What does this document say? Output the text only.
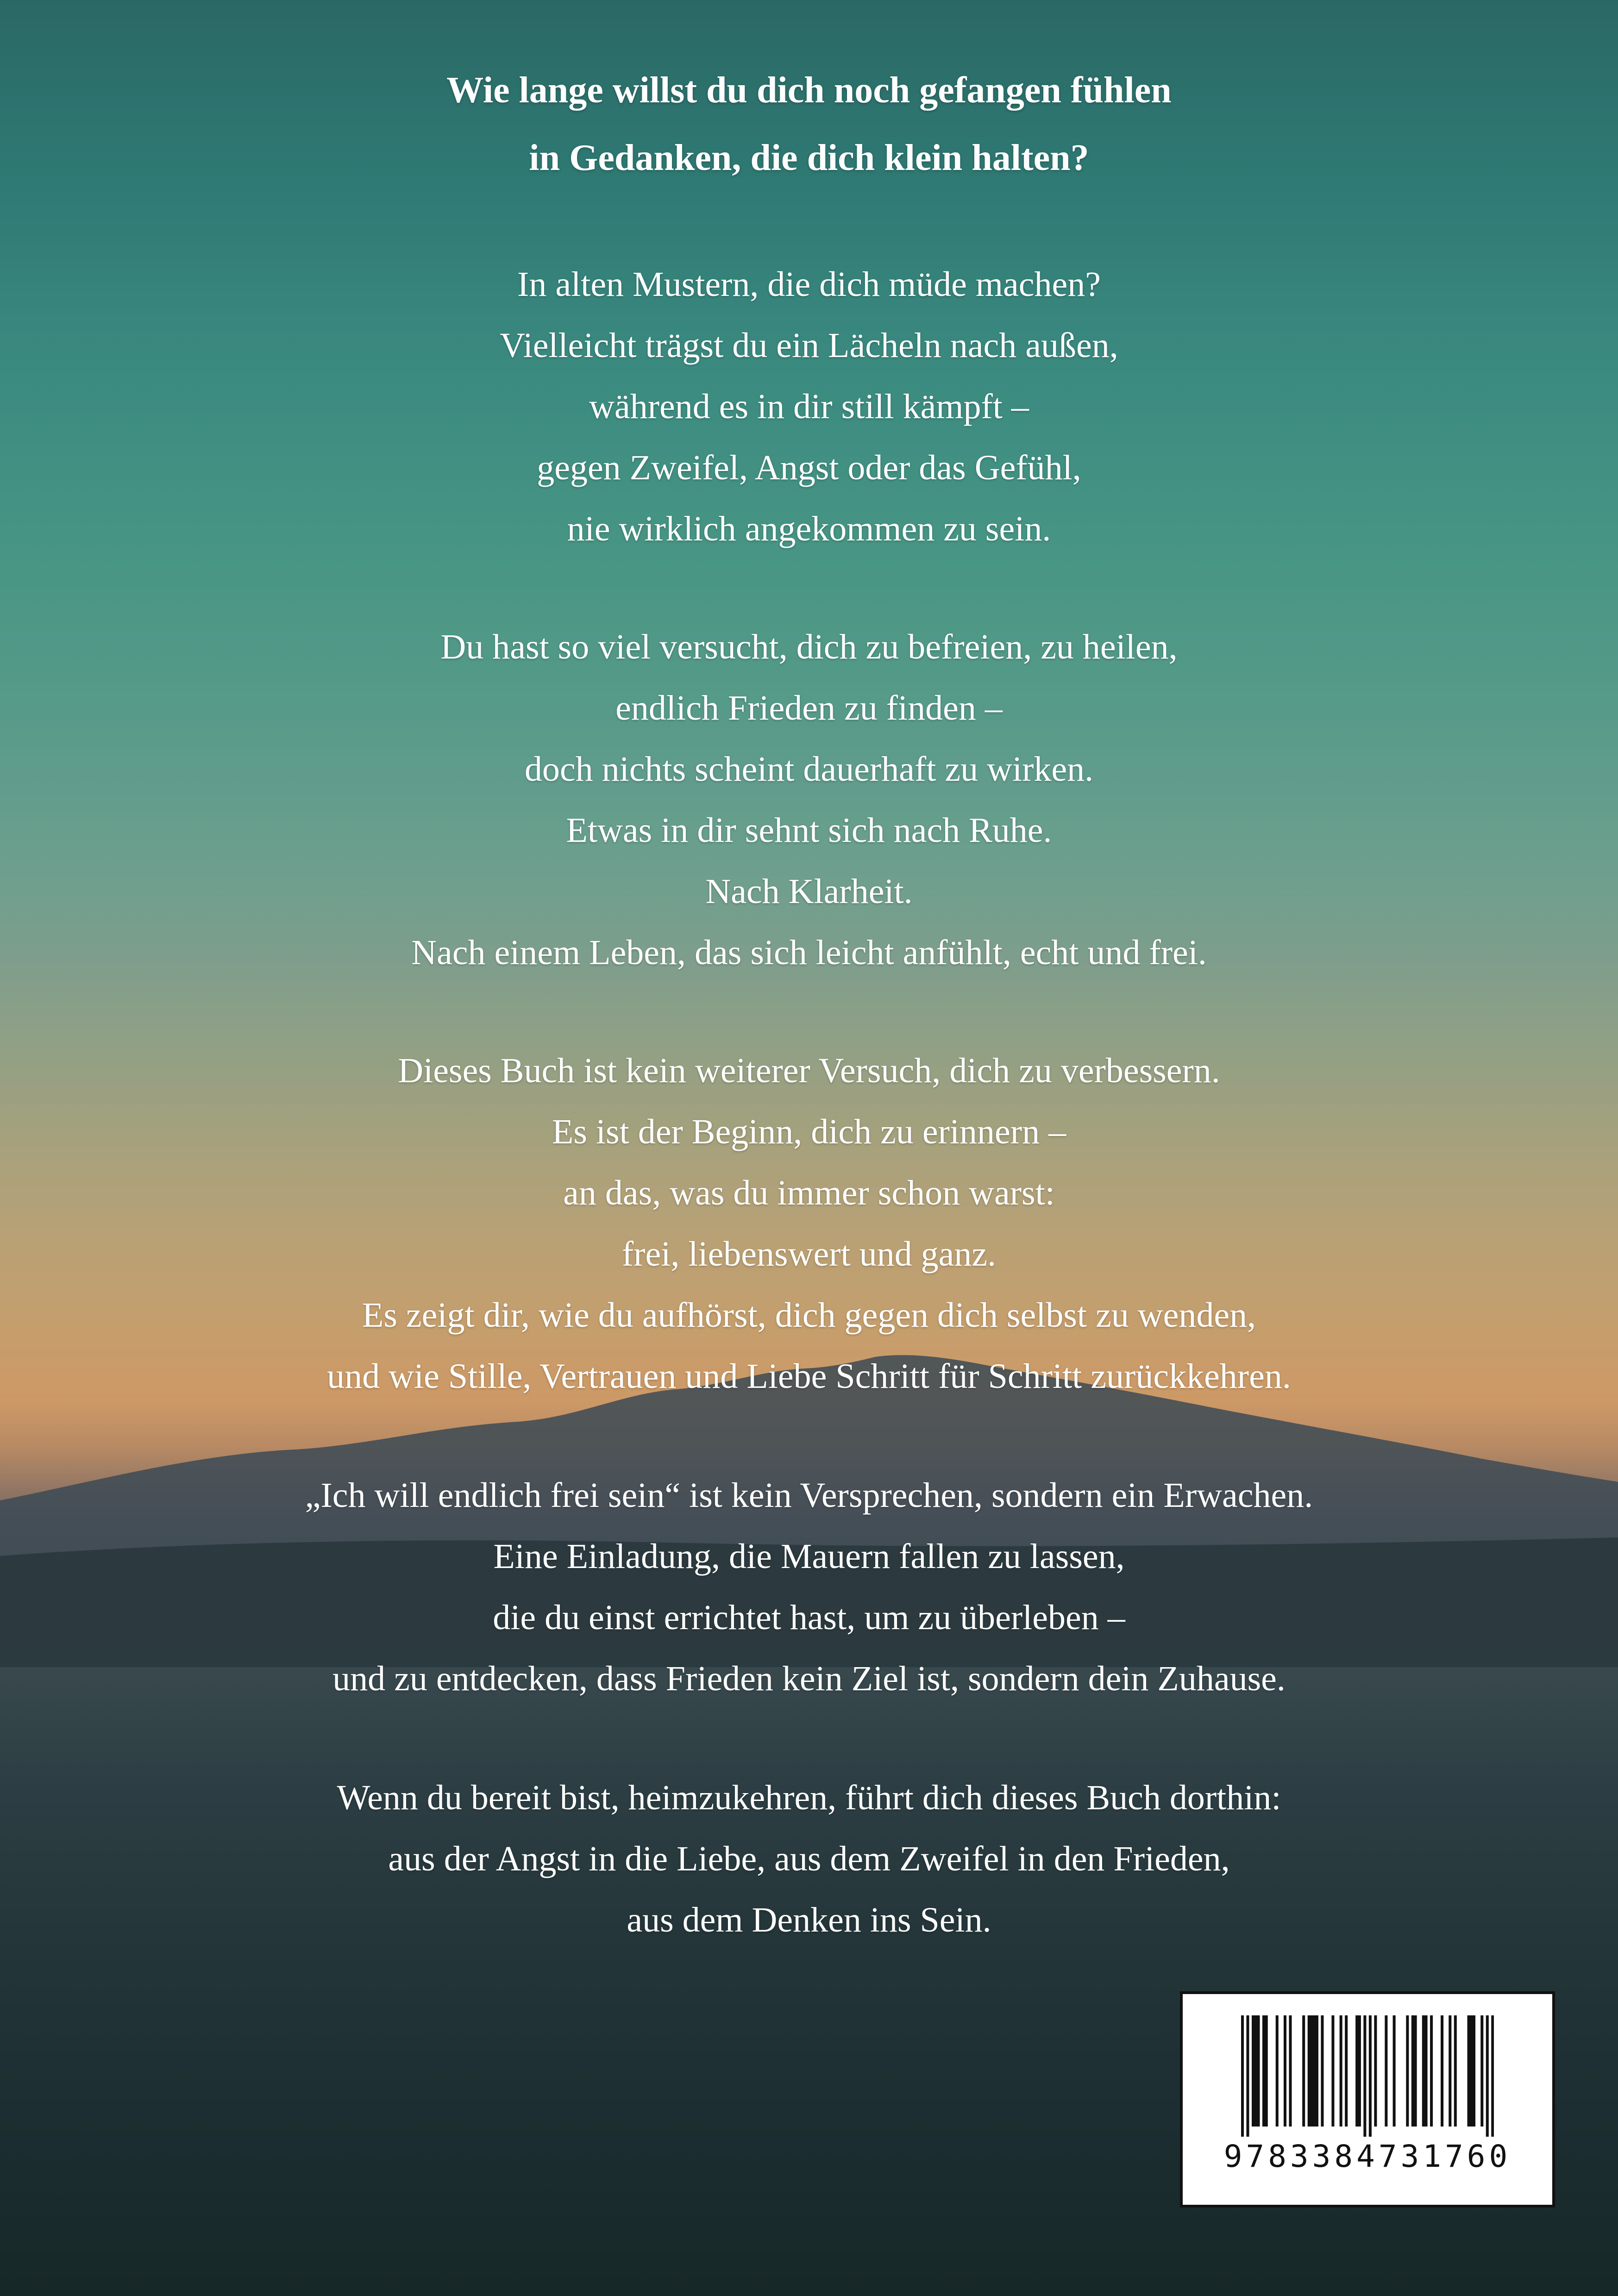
Wie lange willst du dich noch gefangen fühlen
in Gedanken, die dich klein halten?
In alten Mustern, die dich müde machen?
Vielleicht trägst du ein Lächeln nach außen,
während es in dir still kämpft –
gegen Zweifel, Angst oder das Gefühl,
nie wirklich angekommen zu sein.
Du hast so viel versucht, dich zu befreien, zu heilen,
endlich Frieden zu finden –
doch nichts scheint dauerhaft zu wirken.
Etwas in dir sehnt sich nach Ruhe.
Nach Klarheit.
Nach einem Leben, das sich leicht anfühlt, echt und frei.
Dieses Buch ist kein weiterer Versuch, dich zu verbessern.
Es ist der Beginn, dich zu erinnern –
an das, was du immer schon warst:
frei, liebenswert und ganz.
Es zeigt dir, wie du aufhörst, dich gegen dich selbst zu wenden,
und wie Stille, Vertrauen und Liebe Schritt für Schritt zurückkehren.
„Ich will endlich frei sein“ ist kein Versprechen, sondern ein Erwachen.
Eine Einladung, die Mauern fallen zu lassen,
die du einst errichtet hast, um zu überleben –
und zu entdecken, dass Frieden kein Ziel ist, sondern dein Zuhause.
Wenn du bereit bist, heimzukehren, führt dich dieses Buch dorthin:
aus der Angst in die Liebe, aus dem Zweifel in den Frieden,
aus dem Denken ins Sein.
9783384731760
